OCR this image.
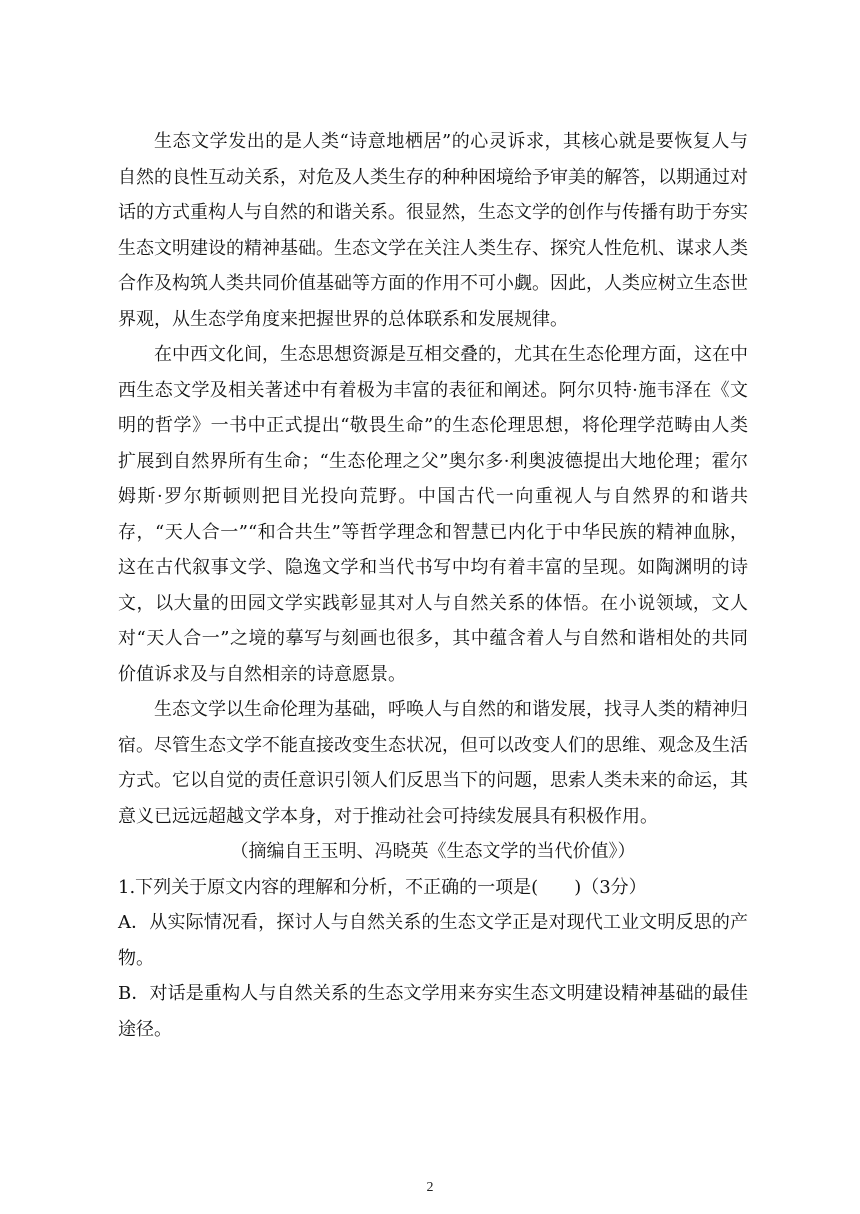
生态文学发出的是人类“诗意地栖居”的心灵诉求，其核心就是要恢复人与自然的良性互动关系，对危及人类生存的种种困境给予审美的解答，以期通过对话的方式重构人与自然的和谐关系。很显然，生态文学的创作与传播有助于夯实生态文明建设的精神基础。生态文学在关注人类生存、探究人性危机、谋求人类合作及构筑人类共同价值基础等方面的作用不可小觑。因此，人类应树立生态世界观，从生态学角度来把握世界的总体联系和发展规律。

在中西文化间，生态思想资源是互相交叠的，尤其在生态伦理方面，这在中西生态文学及相关著述中有着极为丰富的表征和阐述。阿尔贝特·施韦泽在《文明的哲学》一书中正式提出“敬畏生命”的生态伦理思想，将伦理学范畴由人类扩展到自然界所有生命；“生态伦理之父”奥尔多·利奥波德提出大地伦理；霍尔姆斯·罗尔斯顿则把目光投向荒野。中国古代一向重视人与自然界的和谐共存，“天人合一”“和合共生”等哲学理念和智慧已内化于中华民族的精神血脉，这在古代叙事文学、隐逸文学和当代书写中均有着丰富的呈现。如陶渊明的诗文，以大量的田园文学实践彰显其对人与自然关系的体悟。在小说领域，文人对“天人合一”之境的摹写与刻画也很多，其中蕴含着人与自然和谐相处的共同价值诉求及与自然相亲的诗意愿景。

生态文学以生命伦理为基础，呼唤人与自然的和谐发展，找寻人类的精神归宿。尽管生态文学不能直接改变生态状况，但可以改变人们的思维、观念及生活方式。它以自觉的责任意识引领人们反思当下的问题，思索人类未来的命运，其意义已远远超越文学本身，对于推动社会可持续发展具有积极作用。

（摘编自王玉明、冯晓英《生态文学的当代价值》）

1.下列关于原文内容的理解和分析，不正确的一项是(　　)（3分）

A．从实际情况看，探讨人与自然关系的生态文学正是对现代工业文明反思的产物。

B．对话是重构人与自然关系的生态文学用来夯实生态文明建设精神基础的最佳途径。

2
